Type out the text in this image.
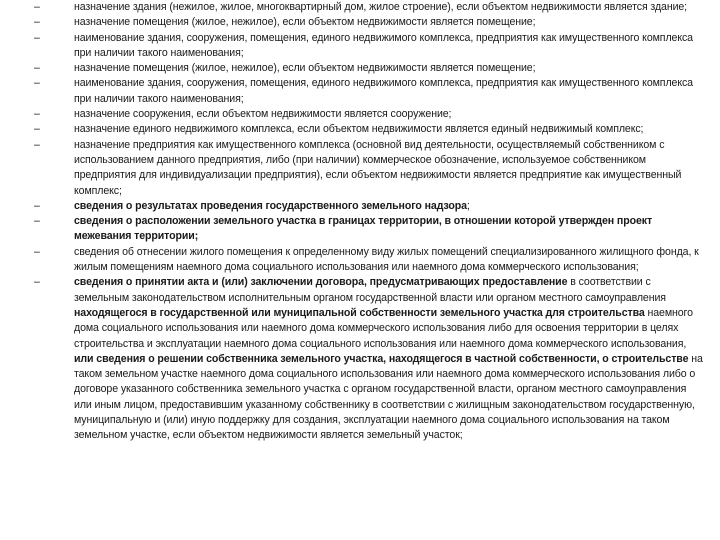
–	назначение здания (нежилое, жилое, многоквартирный дом, жилое строение), если объектом недвижимости является здание;
–	назначение помещения (жилое, нежилое), если объектом недвижимости является помещение;
–	наименование здания, сооружения, помещения, единого недвижимого комплекса, предприятия как имущественного комплекса при наличии такого наименования;
–	назначение помещения (жилое, нежилое), если объектом недвижимости является помещение;
–	наименование здания, сооружения, помещения, единого недвижимого комплекса, предприятия как имущественного комплекса при наличии такого наименования;
–	назначение сооружения, если объектом недвижимости является сооружение;
–	назначение единого недвижимого комплекса, если объектом недвижимости является единый недвижимый комплекс;
–	назначение предприятия как имущественного комплекса (основной вид деятельности, осуществляемый собственником с использованием данного предприятия, либо (при наличии) коммерческое обозначение, используемое собственником предприятия для индивидуализации предприятия), если объектом недвижимости является предприятие как имущественный комплекс;
–	сведения о результатах проведения государственного земельного надзора;
–	сведения о расположении земельного участка в границах территории, в отношении которой утвержден проект межевания территории;
–	сведения об отнесении жилого помещения к определенному виду жилых помещений специализированного жилищного фонда, к жилым помещениям наемного дома социального использования или наемного дома коммерческого использования;
–	сведения о принятии акта и (или) заключении договора, предусматривающих предоставление в соответствии с земельным законодательством исполнительным органом государственной власти или органом местного самоуправления находящегося в государственной или муниципальной собственности земельного участка для строительства наемного дома социального использования или наемного дома коммерческого использования либо для освоения территории в целях строительства и эксплуатации наемного дома социального использования или наемного дома коммерческого использования, или сведения о решении собственника земельного участка, находящегося в частной собственности, о строительстве на таком земельном участке наемного дома социального использования или наемного дома коммерческого использования либо о договоре указанного собственника земельного участка с органом государственной власти, органом местного самоуправления или иным лицом, предоставившим указанному собственнику в соответствии с жилищным законодательством государственную, муниципальную и (или) иную поддержку для создания, эксплуатации наемного дома социального использования на таком земельном участке, если объектом недвижимости является земельный участок;
